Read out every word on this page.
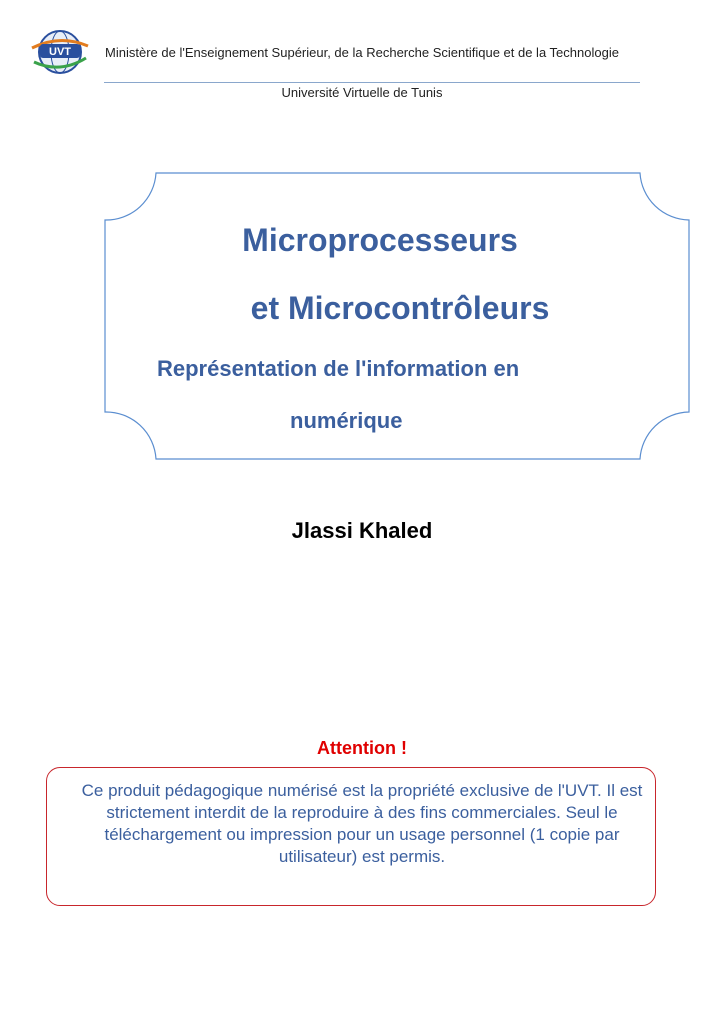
UVT	Ministère de l'Enseignement Supérieur, de la Recherche Scientifique et de la Technologie
Université Virtuelle de Tunis
Microprocesseurs
et Microcontrôleurs
Représentation de l'information en
numérique
Jlassi Khaled
Attention !
Ce produit pédagogique numérisé est la propriété exclusive de l'UVT. Il est strictement interdit de la reproduire à des fins commerciales. Seul le téléchargement ou impression pour un usage personnel (1 copie par utilisateur) est permis.
